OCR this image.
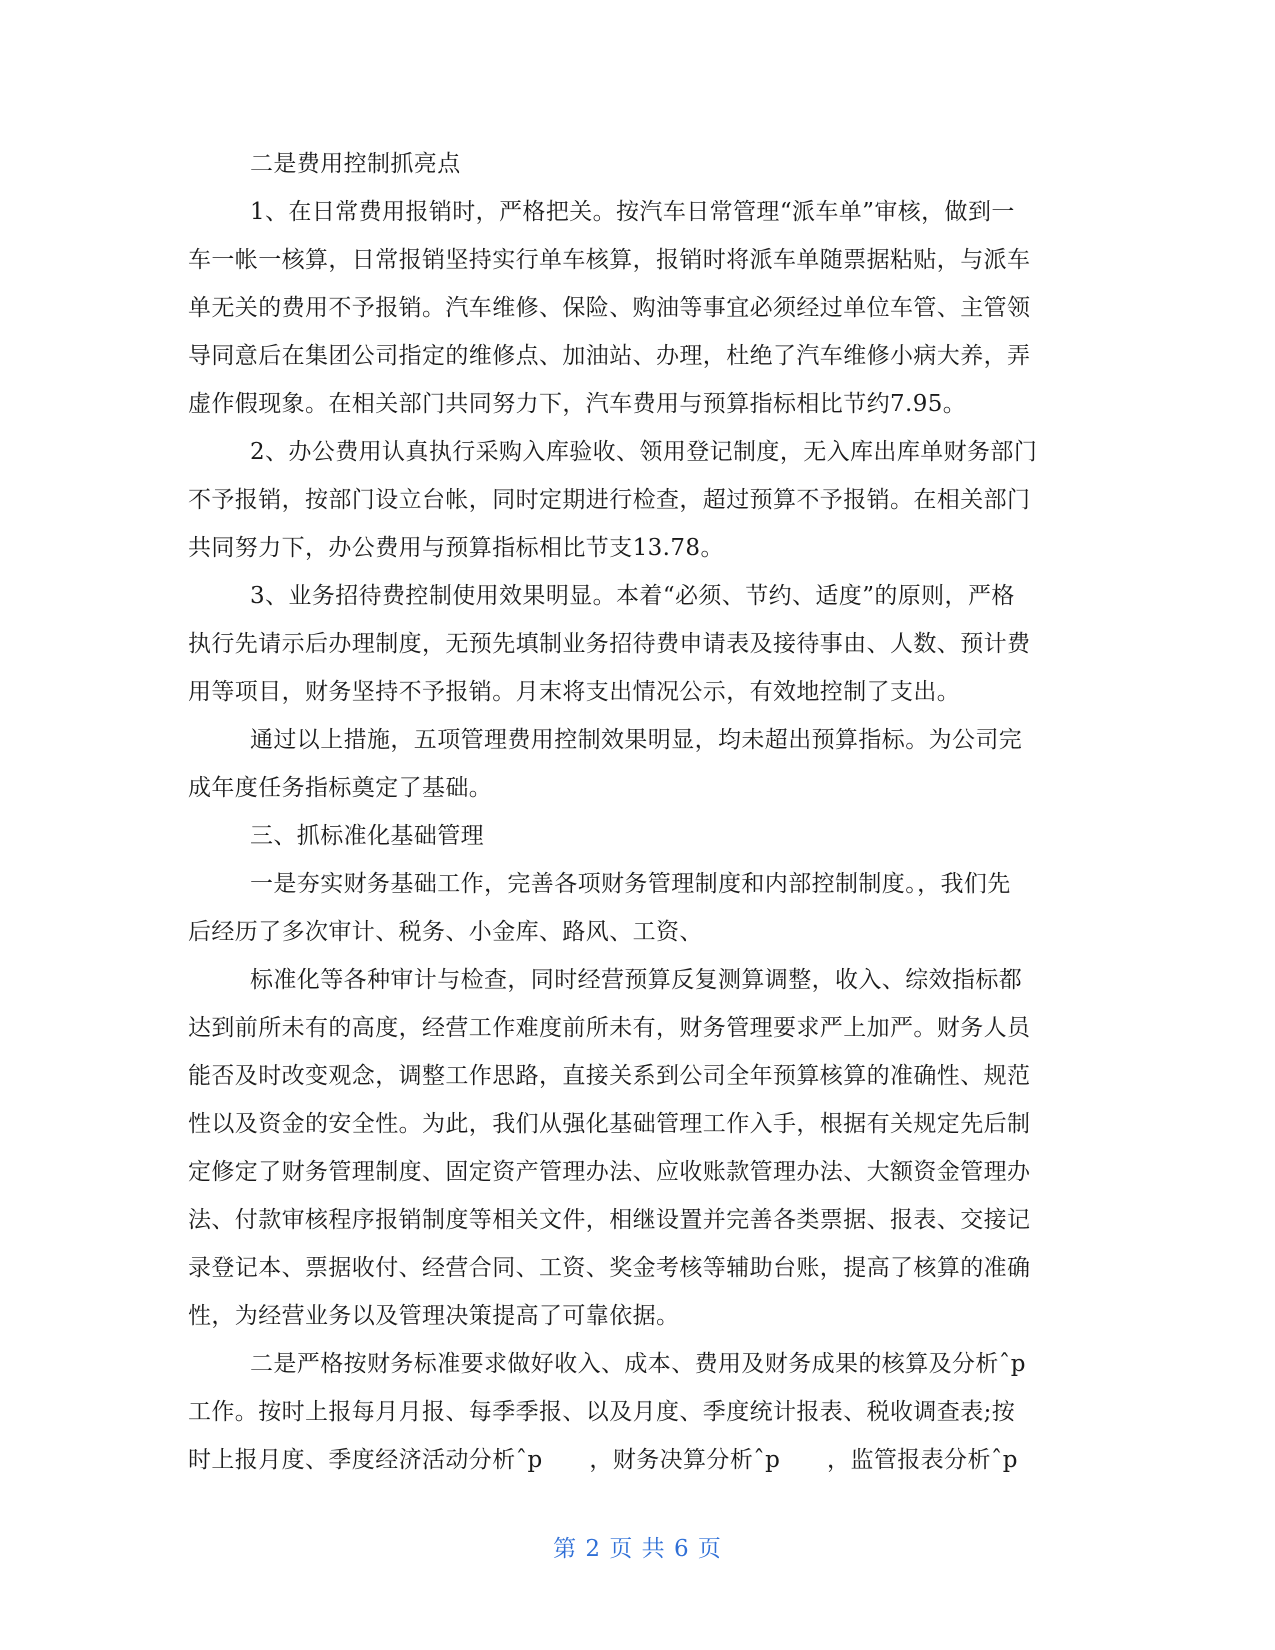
二是费用控制抓亮点

1、在日常费用报销时，严格把关。按汽车日常管理“派车单”审核，做到一
车一帐一核算，日常报销坚持实行单车核算，报销时将派车单随票据粘贴，与派车
单无关的费用不予报销。汽车维修、保险、购油等事宜必须经过单位车管、主管领
导同意后在集团公司指定的维修点、加油站、办理，杜绝了汽车维修小病大养，弄
虚作假现象。在相关部门共同努力下，汽车费用与预算指标相比节约7.95。

2、办公费用认真执行采购入库验收、领用登记制度，无入库出库单财务部门
不予报销，按部门设立台帐，同时定期进行检查，超过预算不予报销。在相关部门
共同努力下，办公费用与预算指标相比节支13.78。

3、业务招待费控制使用效果明显。本着“必须、节约、适度”的原则，严格
执行先请示后办理制度，无预先填制业务招待费申请表及接待事由、人数、预计费
用等项目，财务坚持不予报销。月末将支出情况公示，有效地控制了支出。

通过以上措施，五项管理费用控制效果明显，均未超出预算指标。为公司完
成年度任务指标奠定了基础。

三、抓标准化基础管理

一是夯实财务基础工作，完善各项财务管理制度和内部控制制度。，我们先
后经历了多次审计、税务、小金库、路风、工资、

标准化等各种审计与检查，同时经营预算反复测算调整，收入、综效指标都
达到前所未有的高度，经营工作难度前所未有，财务管理要求严上加严。财务人员
能否及时改变观念，调整工作思路，直接关系到公司全年预算核算的准确性、规范
性以及资金的安全性。为此，我们从强化基础管理工作入手，根据有关规定先后制
定修定了财务管理制度、固定资产管理办法、应收账款管理办法、大额资金管理办
法、付款审核程序报销制度等相关文件，相继设置并完善各类票据、报表、交接记
录登记本、票据收付、经营合同、工资、奖金考核等辅助台账，提高了核算的准确
性，为经营业务以及管理决策提高了可靠依据。

二是严格按财务标准要求做好收入、成本、费用及财务成果的核算及分析ˆp
工作。按时上报每月月报、每季季报、以及月度、季度统计报表、税收调查表;按
时上报月度、季度经济活动分析ˆp　　，财务决算分析ˆp　　，监管报表分析ˆp

第 2 页 共 6 页
